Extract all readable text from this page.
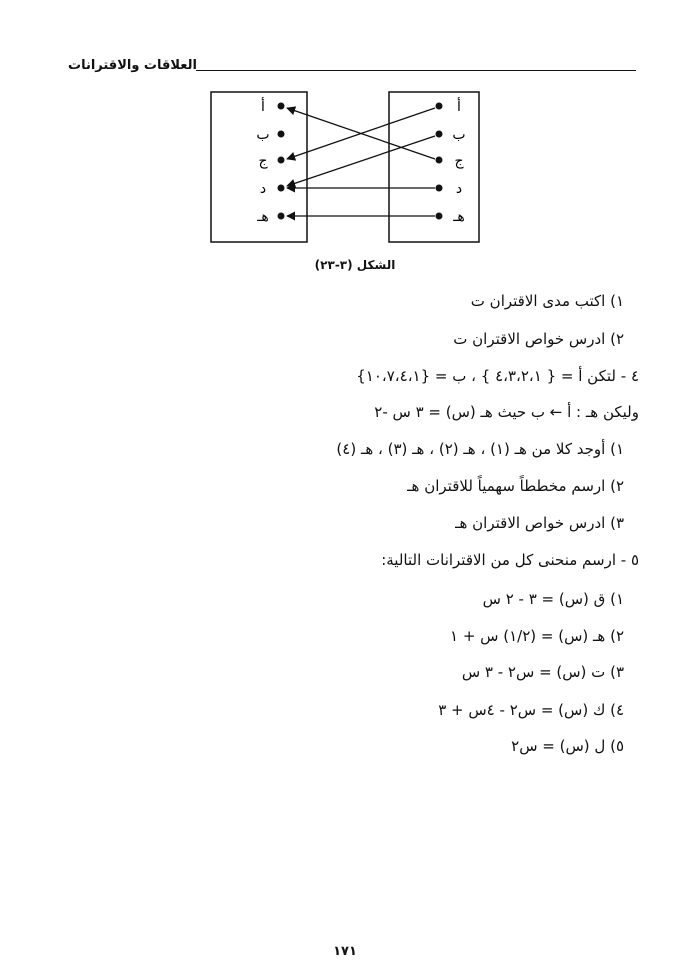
العلاقات والاقترانات
أ
ب
ج
د
هـ
أ
ب
ج
د
هـ
الشكل (٣-٢٣)
١) اكتب مدى الاقتران ت
٢) ادرس خواص الاقتران ت
٤ - لتكن أ = { ٤،٣،٢،١ } ، ب = {١٠،٧،٤،١}
وليكن هـ : أ ← ب حيث هـ (س) = ٣ س -٢
١) أوجد كلا من هـ (١) ، هـ (٢) ، هـ (٣) ، هـ (٤)
٢) ارسم مخططاً سهمياً للاقتران هـ
٣) ادرس خواص الاقتران هـ
٥ - ارسم منحنى كل من الاقترانات التالية:
١) ق (س) = ٣ - ٢ س
٢) هـ (س) = (١/٢) س + ١
٣) ت (س) = س٢ - ٣ س
٤) ك (س) = س٢ - ٤س + ٣
٥) ل (س) = س٢
١٧١
